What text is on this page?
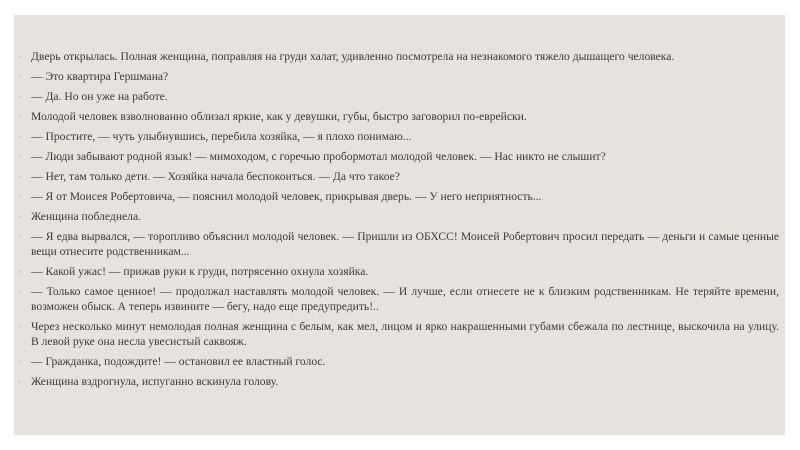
◦ Дверь открылась. Полная женщина, поправляя на груди халат, удивленно посмотрела на незнакомого тяжело дышащего человека.
◦ — Это квартира Гершмана?
◦ — Да. Но он уже на работе.
◦ Молодой человек взволнованно облизал яркие, как у девушки, губы, быстро заговорил по-еврейски.
◦ — Простите, — чуть улыбнувшись, перебила хозяйка, — я плохо понимаю...
◦ — Люди забывают родной язык! — мимоходом, с горечью пробормотал молодой человек. — Нас никто не слышит?
◦ — Нет, там только дети. — Хозяйка начала беспокоиться. — Да что такое?
◦ — Я от Моисея Робертовича, — пояснил молодой человек, прикрывая дверь. — У него неприятность...
◦ Женщина побледнела.
◦ — Я едва вырвался, — торопливо объяснил молодой человек. — Пришли из ОБХСС! Моисей Робертович просил передать — деньги и самые ценные вещи отнесите родственникам...
◦ — Какой ужас! — прижав руки к груди, потрясенно охнула хозяйка.
◦ — Только самое ценное! — продолжал наставлять молодой человек. — И лучше, если отнесете не к близким родственникам. Не теряйте времени, возможен обыск. А теперь извините — бегу, надо еще предупредить!..
◦ Через несколько минут немолодая полная женщина с белым, как мел, лицом и ярко накрашенными губами сбежала по лестнице, выскочила на улицу. В левой руке она несла увесистый саквояж.
◦ — Гражданка, подождите! — остановил ее властный голос.
◦ Женщина вздрогнула, испуганно вскинула голову.
